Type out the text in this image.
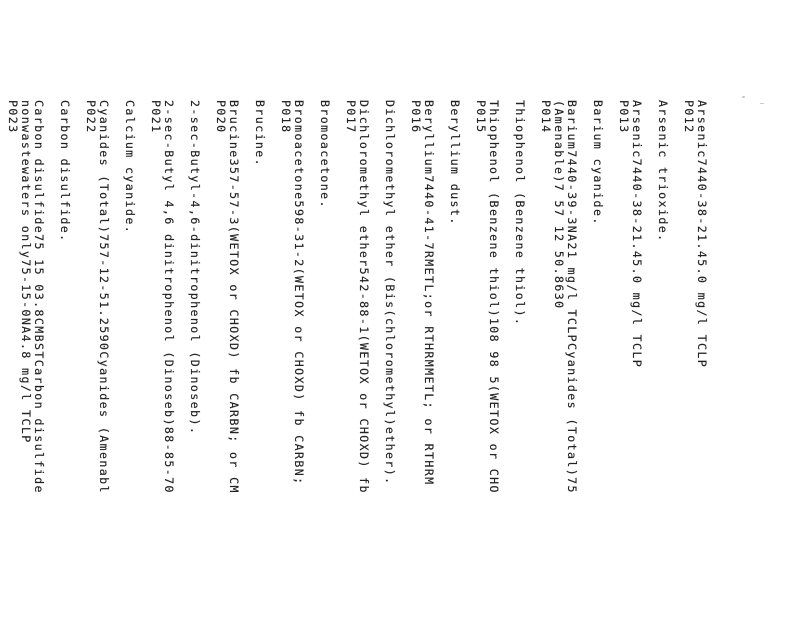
Arsenic7440-38-21.45.0 mg/l TCLP
P012
Arsenic trioxide.
Arsenic7440-38-21.45.0 mg/l TCLP
P013
Barium cyanide.
Barium7440-39-3NA21 mg/l TCLPCyanides (Total)75
(Amenable)7 57 12 50.8630
P014
Thiophenol (Benzene thiol).
Thiophenol (Benzene thiol)108 98 5(WETOX or CHO
P015
Beryllium dust.
Beryllium7440-41-7RMETL;or RTHRMMETL; or RTHRM
P016
Dichloromethyl ether (Bis(chloromethyl)ether).
Dichloromethyl ether542-88-1(WETOX or CHOXD) fb
P017
Bromoacetone.
Bromoacetone598-31-2(WETOX or CHOXD) fb CARBN;
P018
Brucine.
Brucine357-57-3(WETOX or CHOXD) fb CARBN; or CM
P020
2-sec-Butyl-4,6-dinitrophenol (Dinoseb).
2-sec-Butyl 4,6 dinitrophenol (Dinoseb)88-85-70
P021
Calcium cyanide.
Cyanides (Total)757-12-51.2590Cyanides (Amenabl
P022
Carbon disulfide.
Carbon disulfide75 15 03.8CMBSTCarbon disulfide
nonwastewaters only75-15-0NA4.8 mg/l TCLP
P023
